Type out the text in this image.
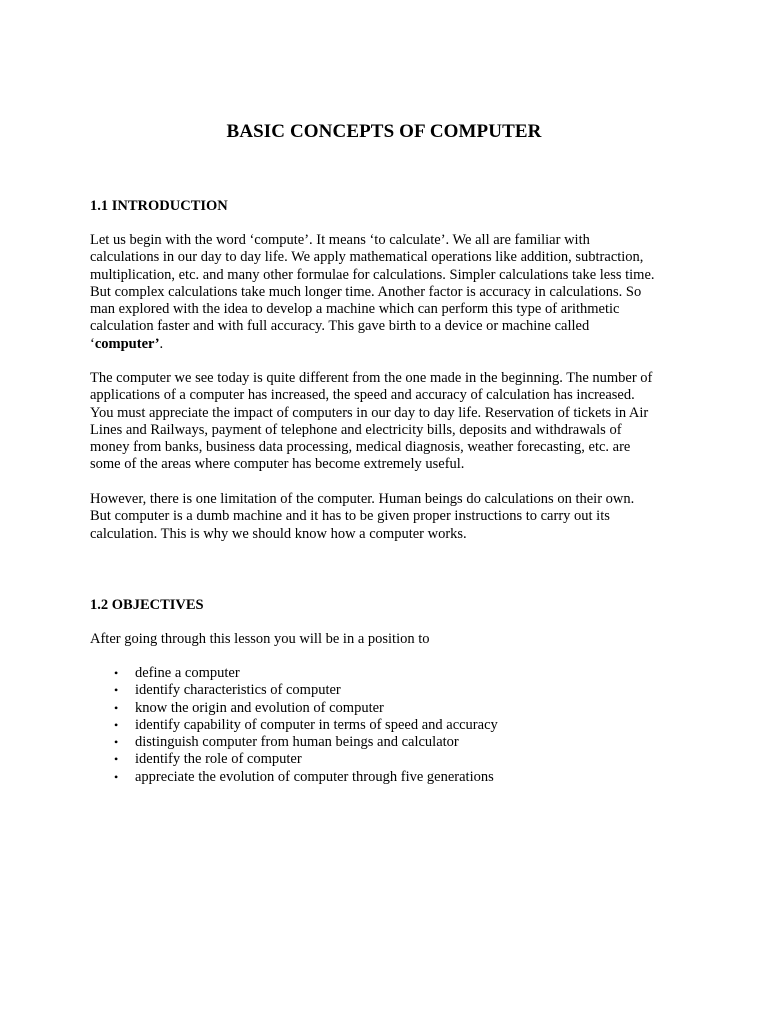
BASIC CONCEPTS OF COMPUTER
1.1 INTRODUCTION

Let us begin with the word ‘compute’. It means ‘to calculate’. We all are familiar with
calculations in our day to day life. We apply mathematical operations like addition, subtraction,
multiplication, etc. and many other formulae for calculations. Simpler calculations take less time.
But complex calculations take much longer time. Another factor is accuracy in calculations. So
man explored with the idea to develop a machine which can perform this type of arithmetic
calculation faster and with full accuracy. This gave birth to a device or machine called
‘computer’.

The computer we see today is quite different from the one made in the beginning. The number of
applications of a computer has increased, the speed and accuracy of calculation has increased.
You must appreciate the impact of computers in our day to day life. Reservation of tickets in Air
Lines and Railways, payment of telephone and electricity bills, deposits and withdrawals of
money from banks, business data processing, medical diagnosis, weather forecasting, etc. are
some of the areas where computer has become extremely useful.

However, there is one limitation of the computer. Human beings do calculations on their own.
But computer is a dumb machine and it has to be given proper instructions to carry out its
calculation. This is why we should know how a computer works.

1.2 OBJECTIVES

After going through this lesson you will be in a position to

• define a computer
• identify characteristics of computer
• know the origin and evolution of computer
• identify capability of computer in terms of speed and accuracy
• distinguish computer from human beings and calculator
• identify the role of computer
• appreciate the evolution of computer through five generations
